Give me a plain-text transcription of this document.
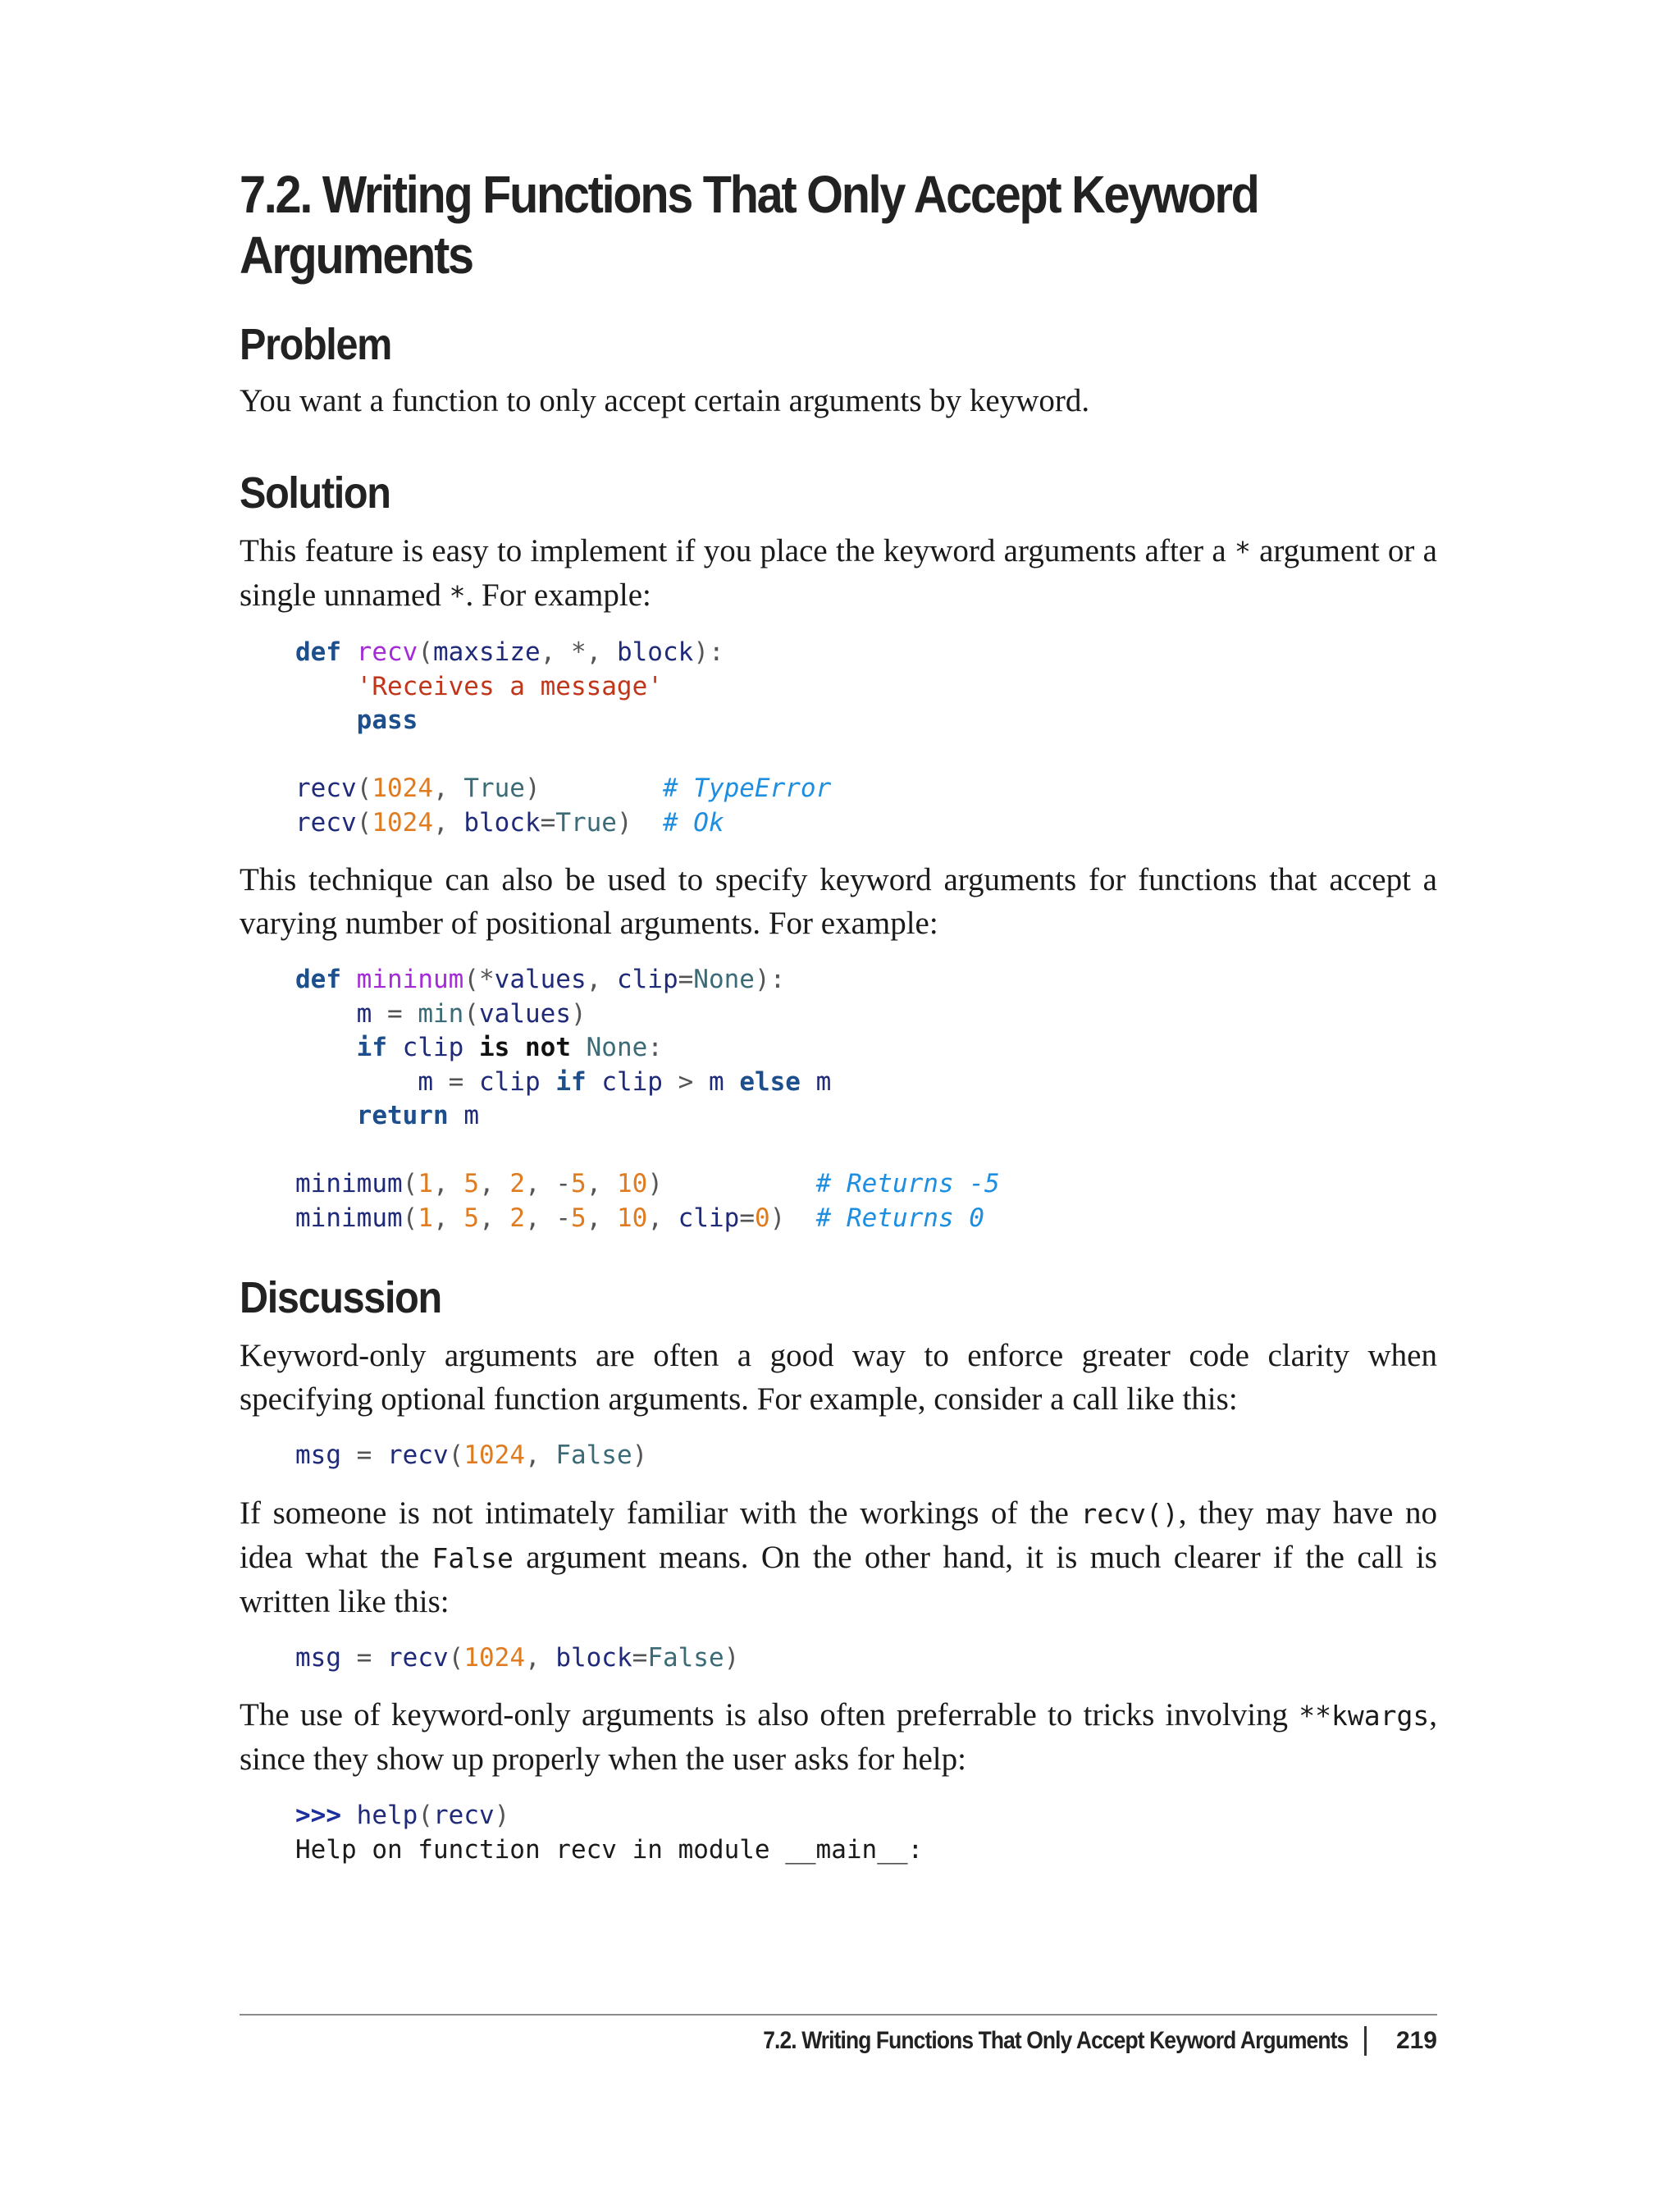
7.2. Writing Functions That Only Accept Keyword Arguments
Problem

You want a function to only accept certain arguments by keyword.

Solution

This feature is easy to implement if you place the keyword arguments after a * argument or a single unnamed *. For example:

def recv(maxsize, *, block):
'Receives a message'
pass

recv(1024, True)	# TypeError
recv(1024, block=True) # Ok

This technique can also be used to specify keyword arguments for functions that accept a varying number of positional arguments. For example:

def mininum(*values, clip=None):
m = min(values)
if clip is not None:
m = clip if clip > m else m
return m

minimum(1, 5, 2, -5, 10)	# Returns -5
minimum(1, 5, 2, -5, 10, clip=0) # Returns 0
Discussion

Keyword-only arguments are often a good way to enforce greater code clarity when specifying optional function arguments. For example, consider a call like this:

msg = recv(1024, False)

If someone is not intimately familiar with the workings of the recv(), they may have no idea what the False argument means. On the other hand, it is much clearer if the call is written like this:

msg = recv(1024, block=False)

The use of keyword-only arguments is also often preferrable to tricks involving **kwargs, since they show up properly when the user asks for help:

>>> help(recv)
Help on function recv in module __main__:
7.2. Writing Functions That Only Accept Keyword Arguments 219
